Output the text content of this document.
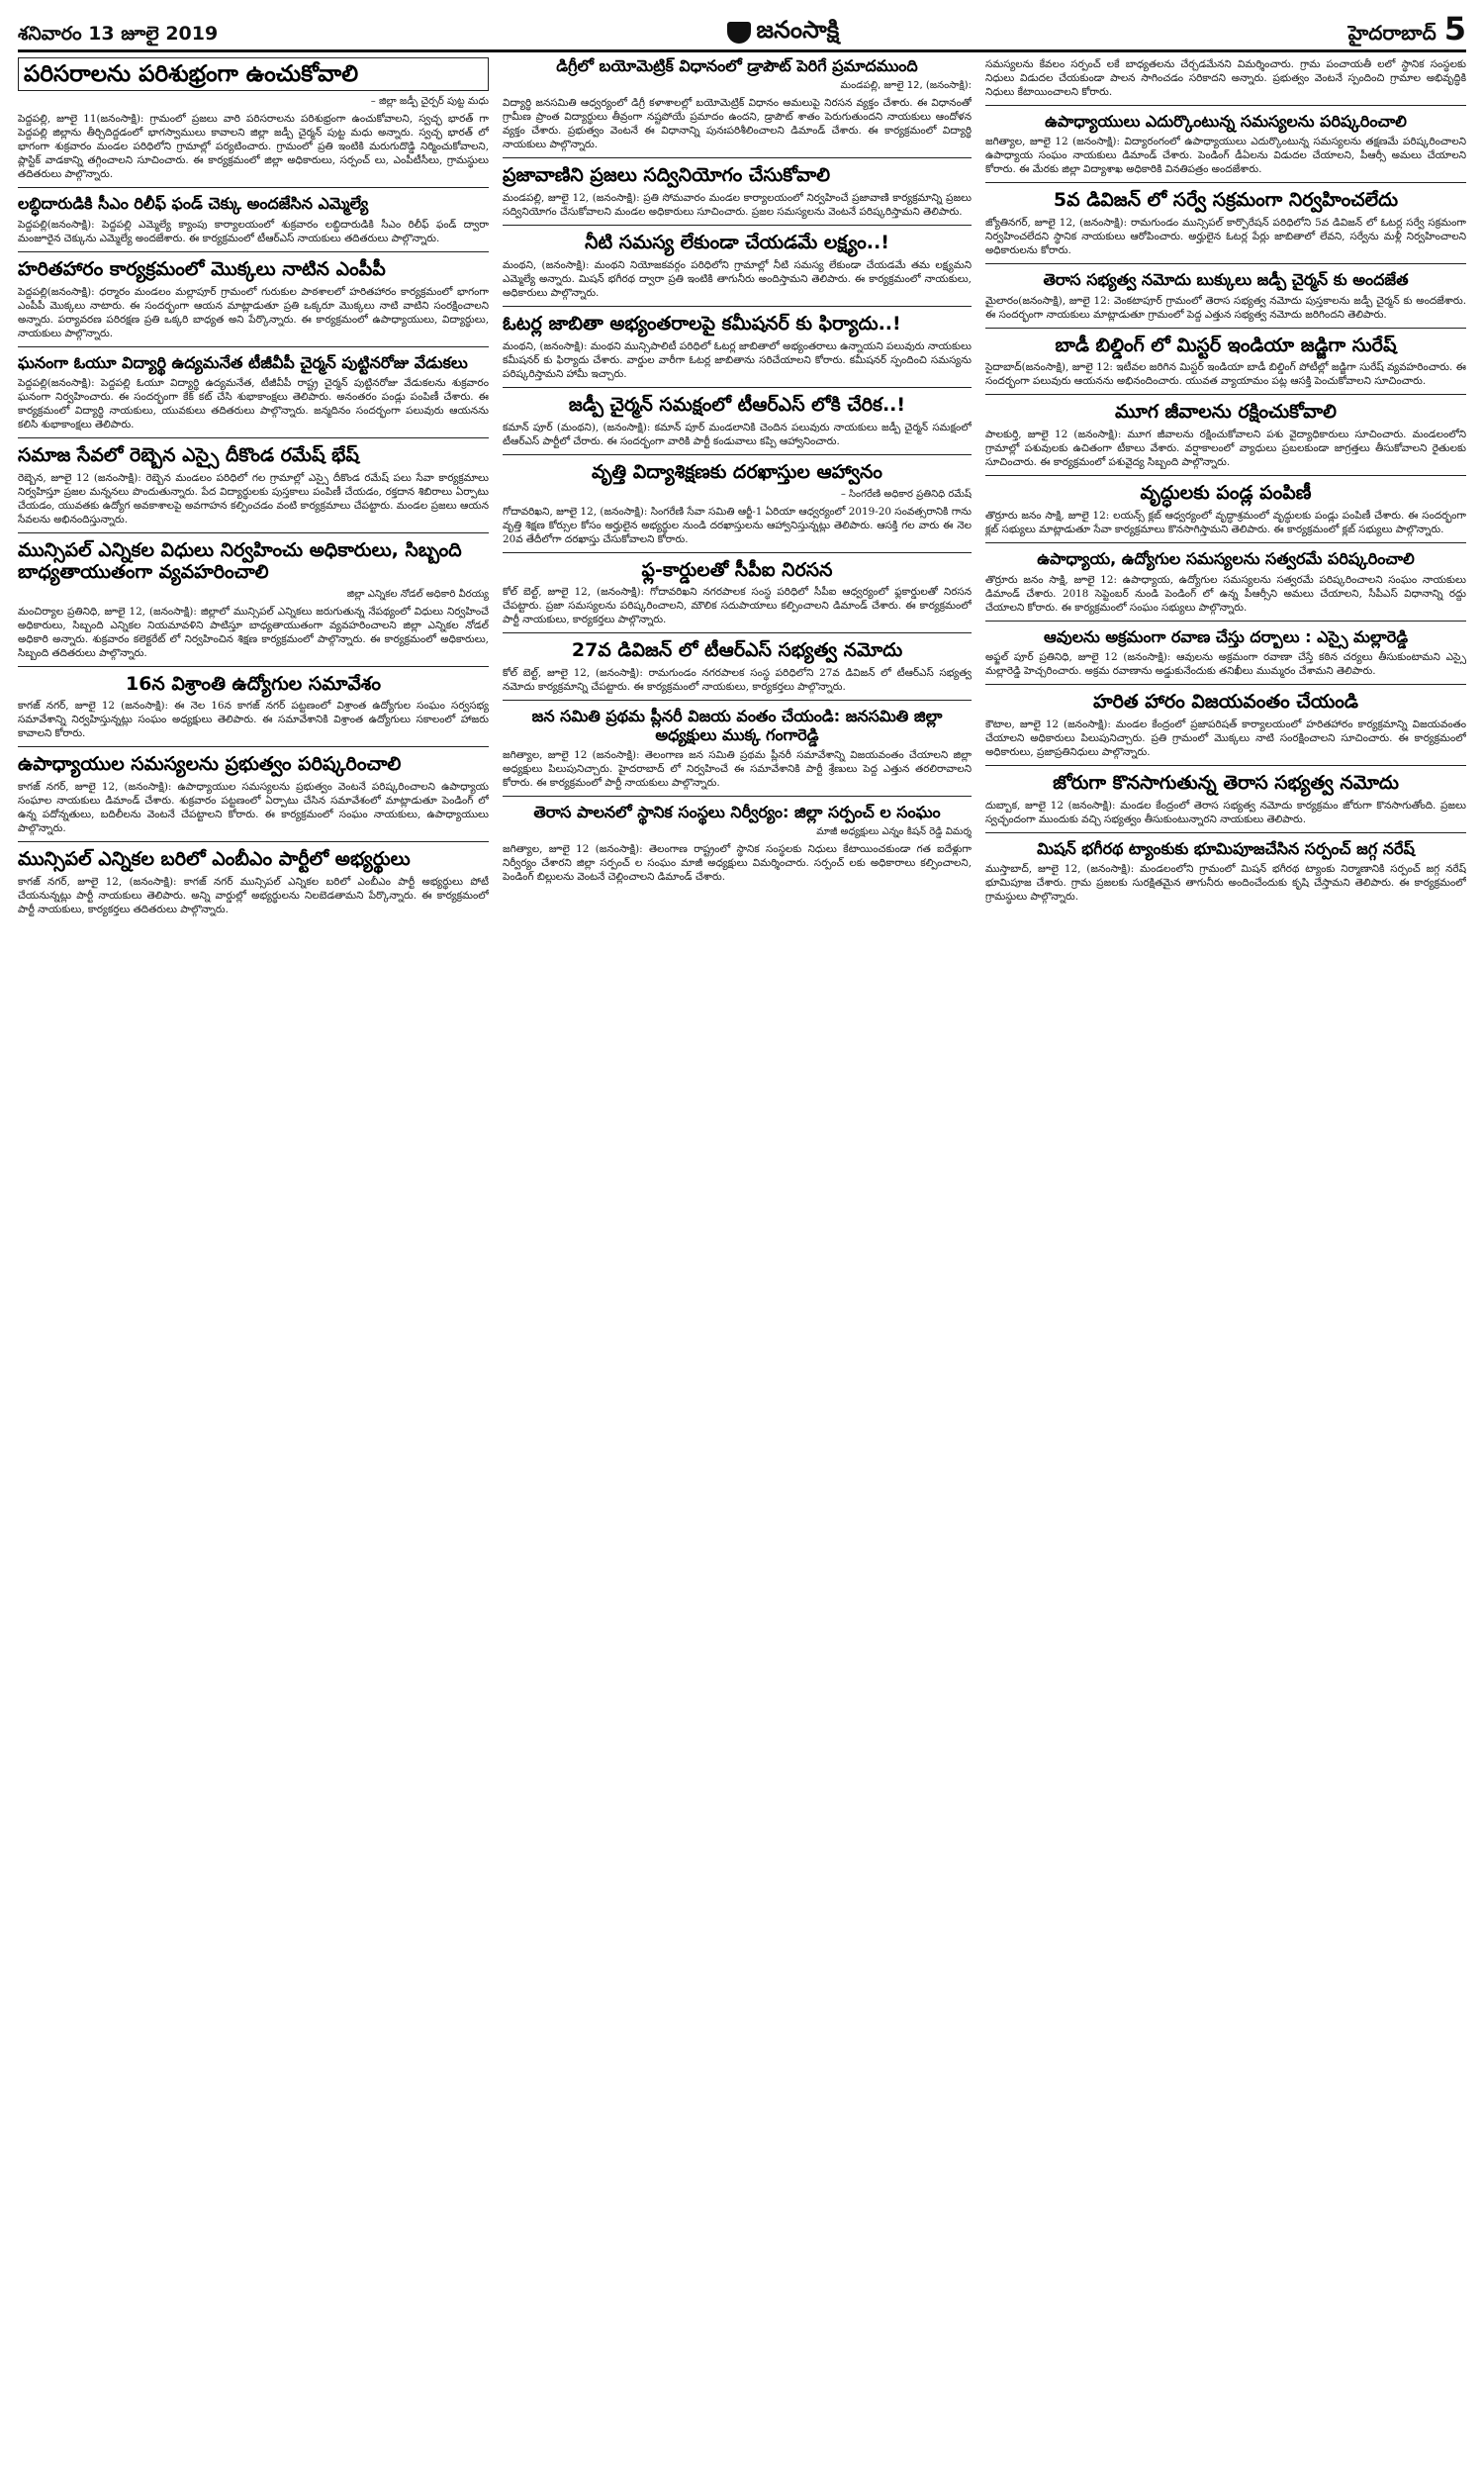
శనివారం 13 జూలై 2019	జనంసాక్షి	హైదరాబాద్ 5
పరిసరాలను పరిశుభ్రంగా ఉంచుకోవాలి

– జిల్లా జడ్పీ చైర్పర్ పుట్ట మధు

పెద్దపల్లి, జూలై 11(జనంసాక్షి): గ్రామంలో ప్రజలు వారి పరిసరాలను పరిశుభ్రంగా ఉంచుకోవాలని, స్వచ్ఛ భారత్ గా పెద్దపల్లి జిల్లాను తీర్చిదిద్దడంలో భాగస్వాములు కావాలని జిల్లా జడ్పీ చైర్మన్ పుట్ట మధు అన్నారు. స్వచ్ఛ భారత్ లో భాగంగా శుక్రవారం మండల పరిధిలోని గ్రామాల్లో పర్యటించారు. గ్రామంలో ప్రతి ఇంటికి మరుగుదొడ్డి నిర్మించుకోవాలని, ప్లాస్టిక్ వాడకాన్ని తగ్గించాలని సూచించారు. ఈ కార్యక్రమంలో జిల్లా అధికారులు, సర్పంచ్ లు, ఎంపీటీసీలు, గ్రామస్థులు తదితరులు పాల్గొన్నారు.

లబ్ధిదారుడికి సీఎం రిలీఫ్ ఫండ్ చెక్కు అందజేసిన ఎమ్మెల్యే

పెద్దపల్లి(జనంసాక్షి): పెద్దపల్లి ఎమ్మెల్యే క్యాంపు కార్యాలయంలో శుక్రవారం లబ్ధిదారుడికి సీఎం రిలీఫ్ ఫండ్ ద్వారా మంజూరైన చెక్కును ఎమ్మెల్యే అందజేశారు. ఈ కార్యక్రమంలో టీఆర్ఎస్ నాయకులు తదితరులు పాల్గొన్నారు.

హరితహారం కార్యక్రమంలో మొక్కలు నాటిన ఎంపీపీ

పెద్దపల్లి(జనంసాక్షి): ధర్మారం మండలం మల్లాపూర్ గ్రామంలో గురుకుల పాఠశాలలో హరితహారం కార్యక్రమంలో భాగంగా ఎంపీపీ మొక్కలు నాటారు. ఈ సందర్భంగా ఆయన మాట్లాడుతూ ప్రతి ఒక్కరూ మొక్కలు నాటి వాటిని సంరక్షించాలని అన్నారు. పర్యావరణ పరిరక్షణ ప్రతి ఒక్కరి బాధ్యత అని పేర్కొన్నారు. ఈ కార్యక్రమంలో ఉపాధ్యాయులు, విద్యార్థులు, నాయకులు పాల్గొన్నారు.

ఘనంగా ఓయూ విద్యార్థి ఉద్యమనేత టీజీవీపీ చైర్మన్ పుట్టినరోజు వేడుకలు

పెద్దపల్లి(జనంసాక్షి): పెద్దపల్లి ఓయూ విద్యార్థి ఉద్యమనేత, టీజీవీపీ రాష్ట్ర చైర్మన్ పుట్టినరోజు వేడుకలను శుక్రవారం ఘనంగా నిర్వహించారు. ఈ సందర్భంగా కేక్ కట్ చేసి శుభాకాంక్షలు తెలిపారు. అనంతరం పండ్లు పంపిణీ చేశారు. ఈ కార్యక్రమంలో విద్యార్థి నాయకులు, యువకులు తదితరులు పాల్గొన్నారు. జన్మదినం సందర్భంగా పలువురు ఆయనను కలిసి శుభాకాంక్షలు తెలిపారు.

సమాజ సేవలో రెబ్బెన ఎస్సై దీకొండ రమేష్ భేష్

రెబ్బెన, జూలై 12 (జనంసాక్షి): రెబ్బెన మండలం పరిధిలో గల గ్రామాల్లో ఎస్సై దీకొండ రమేష్ పలు సేవా కార్యక్రమాలు నిర్వహిస్తూ ప్రజల మన్ననలు పొందుతున్నారు. పేద విద్యార్థులకు పుస్తకాలు పంపిణీ చేయడం, రక్తదాన శిబిరాలు ఏర్పాటు చేయడం, యువతకు ఉద్యోగ అవకాశాలపై అవగాహన కల్పించడం వంటి కార్యక్రమాలు చేపట్టారు. మండల ప్రజలు ఆయన సేవలను అభినందిస్తున్నారు.

మున్సిపల్ ఎన్నికల విధులు నిర్వహించు అధికారులు, సిబ్బంది బాధ్యతాయుతంగా వ్యవహరించాలి

జిల్లా ఎన్నికల నోడల్ అధికారి వీరయ్య

మంచిర్యాల ప్రతినిధి, జూలై 12, (జనంసాక్షి): జిల్లాలో మున్సిపల్ ఎన్నికలు జరుగుతున్న నేపథ్యంలో విధులు నిర్వహించే అధికారులు, సిబ్బంది ఎన్నికల నియమావళిని పాటిస్తూ బాధ్యతాయుతంగా వ్యవహరించాలని జిల్లా ఎన్నికల నోడల్ అధికారి అన్నారు. శుక్రవారం కలెక్టరేట్ లో నిర్వహించిన శిక్షణ కార్యక్రమంలో పాల్గొన్నారు. ఈ కార్యక్రమంలో అధికారులు, సిబ్బంది తదితరులు పాల్గొన్నారు.

16న విశ్రాంతి ఉద్యోగుల సమావేశం

కాగజ్ నగర్, జూలై 12 (జనంసాక్షి): ఈ నెల 16న కాగజ్ నగర్ పట్టణంలో విశ్రాంత ఉద్యోగుల సంఘం సర్వసభ్య సమావేశాన్ని నిర్వహిస్తున్నట్లు సంఘం అధ్యక్షులు తెలిపారు. ఈ సమావేశానికి విశ్రాంత ఉద్యోగులు సకాలంలో హాజరు కావాలని కోరారు.

ఉపాధ్యాయుల సమస్యలను ప్రభుత్వం పరిష్కరించాలి

కాగజ్ నగర్, జూలై 12, (జనంసాక్షి): ఉపాధ్యాయుల సమస్యలను ప్రభుత్వం వెంటనే పరిష్కరించాలని ఉపాధ్యాయ సంఘాల నాయకులు డిమాండ్ చేశారు. శుక్రవారం పట్టణంలో ఏర్పాటు చేసిన సమావేశంలో మాట్లాడుతూ పెండింగ్ లో ఉన్న పదోన్నతులు, బదిలీలను వెంటనే చేపట్టాలని కోరారు. ఈ కార్యక్రమంలో సంఘం నాయకులు, ఉపాధ్యాయులు పాల్గొన్నారు.

మున్సిపల్ ఎన్నికల బరిలో ఎంబీఎం పార్టీలో అభ్యర్థులు

కాగజ్ నగర్, జూలై 12, (జనంసాక్షి): కాగజ్ నగర్ మున్సిపల్ ఎన్నికల బరిలో ఎంబీఎం పార్టీ అభ్యర్థులు పోటీ చేయనున్నట్లు పార్టీ నాయకులు తెలిపారు. అన్ని వార్డుల్లో అభ్యర్థులను నిలబెడతామని పేర్కొన్నారు. ఈ కార్యక్రమంలో పార్టీ నాయకులు, కార్యకర్తలు తదితరులు పాల్గొన్నారు.

డిగ్రీలో బయోమెట్రిక్ విధానంలో డ్రాపౌట్ పెరిగే ప్రమాదముంది

మండపల్లి, జూలై 12, (జనంసాక్షి):

విద్యార్థి జనసమితి ఆధ్వర్యంలో డిగ్రీ కళాశాలల్లో బయోమెట్రిక్ విధానం అమలుపై నిరసన వ్యక్తం చేశారు. ఈ విధానంతో గ్రామీణ ప్రాంత విద్యార్థులు తీవ్రంగా నష్టపోయే ప్రమాదం ఉందని, డ్రాపౌట్ శాతం పెరుగుతుందని నాయకులు ఆందోళన వ్యక్తం చేశారు. ప్రభుత్వం వెంటనే ఈ విధానాన్ని పునఃపరిశీలించాలని డిమాండ్ చేశారు. ఈ కార్యక్రమంలో విద్యార్థి నాయకులు పాల్గొన్నారు.

ప్రజావాణిని ప్రజలు సద్వినియోగం చేసుకోవాలి

మండపల్లి, జూలై 12, (జనంసాక్షి): ప్రతి సోమవారం మండల కార్యాలయంలో నిర్వహించే ప్రజావాణి కార్యక్రమాన్ని ప్రజలు సద్వినియోగం చేసుకోవాలని మండల అధికారులు సూచించారు. ప్రజల సమస్యలను వెంటనే పరిష్కరిస్తామని తెలిపారు.

నీటి సమస్య లేకుండా చేయడమే లక్ష్యం..!

మంథని, (జనంసాక్షి): మంథని నియోజకవర్గం పరిధిలోని గ్రామాల్లో నీటి సమస్య లేకుండా చేయడమే తమ లక్ష్యమని ఎమ్మెల్యే అన్నారు. మిషన్ భగీరథ ద్వారా ప్రతి ఇంటికి తాగునీరు అందిస్తామని తెలిపారు. ఈ కార్యక్రమంలో నాయకులు, అధికారులు పాల్గొన్నారు.

ఓటర్ల జాబితా అభ్యంతరాలపై కమీషనర్ కు ఫిర్యాదు..!

మంథని, (జనంసాక్షి): మంథని మున్సిపాలిటీ పరిధిలో ఓటర్ల జాబితాలో అభ్యంతరాలు ఉన్నాయని పలువురు నాయకులు కమీషనర్ కు ఫిర్యాదు చేశారు. వార్డుల వారీగా ఓటర్ల జాబితాను సరిచేయాలని కోరారు. కమీషనర్ స్పందించి సమస్యను పరిష్కరిస్తామని హామీ ఇచ్చారు.

జడ్పీ చైర్మన్ సమక్షంలో టీఆర్ఎస్ లోకి చేరిక..!

కమాన్ పూర్ (మంథని), (జనంసాక్షి): కమాన్ పూర్ మండలానికి చెందిన పలువురు నాయకులు జడ్పీ చైర్మన్ సమక్షంలో టీఆర్ఎస్ పార్టీలో చేరారు. ఈ సందర్భంగా వారికి పార్టీ కండువాలు కప్పి ఆహ్వానించారు.

వృత్తి విద్యాశిక్షణకు దరఖాస్తుల ఆహ్వానం

– సింగరేణి అధికార ప్రతినిధి రమేష్

గోదావరిఖని, జూలై 12, (జనంసాక్షి): సింగరేణి సేవా సమితి ఆర్జీ-1 ఏరియా ఆధ్వర్యంలో 2019-20 సంవత్సరానికి గాను వృత్తి శిక్షణ కోర్సుల కోసం అర్హులైన అభ్యర్థుల నుండి దరఖాస్తులను ఆహ్వానిస్తున్నట్లు తెలిపారు. ఆసక్తి గల వారు ఈ నెల 20వ తేదీలోగా దరఖాస్తు చేసుకోవాలని కోరారు.

ఫ్ల-కార్డులతో సీపీఐ నిరసన

కోల్ బెల్ట్, జూలై 12, (జనంసాక్షి): గోదావరిఖని నగరపాలక సంస్థ పరిధిలో సీపీఐ ఆధ్వర్యంలో ఫ్లకార్డులతో నిరసన చేపట్టారు. ప్రజా సమస్యలను పరిష్కరించాలని, మౌలిక సదుపాయాలు కల్పించాలని డిమాండ్ చేశారు. ఈ కార్యక్రమంలో పార్టీ నాయకులు, కార్యకర్తలు పాల్గొన్నారు.

27వ డివిజన్ లో టీఆర్ఎస్ సభ్యత్వ నమోదు

కోల్ బెల్ట్, జూలై 12, (జనంసాక్షి): రామగుండం నగరపాలక సంస్థ పరిధిలోని 27వ డివిజన్ లో టీఆర్ఎస్ సభ్యత్వ నమోదు కార్యక్రమాన్ని చేపట్టారు. ఈ కార్యక్రమంలో నాయకులు, కార్యకర్తలు పాల్గొన్నారు.

జన సమితి ప్రథమ ప్లీనరీ విజయ వంతం చేయండి: జనసమితి జిల్లా అధ్యక్షులు ముక్క గంగారెడ్డి

జగిత్యాల, జూలై 12 (జనంసాక్షి): తెలంగాణ జన సమితి ప్రథమ ప్లీనరీ సమావేశాన్ని విజయవంతం చేయాలని జిల్లా అధ్యక్షులు పిలుపునిచ్చారు. హైదరాబాద్ లో నిర్వహించే ఈ సమావేశానికి పార్టీ శ్రేణులు పెద్ద ఎత్తున తరలిరావాలని కోరారు. ఈ కార్యక్రమంలో పార్టీ నాయకులు పాల్గొన్నారు.

తెరాస పాలనలో స్థానిక సంస్థలు నిర్వీర్యం: జిల్లా సర్పంచ్ ల సంఘం

మాజీ అధ్యక్షులు ఎన్నం కిషన్ రెడ్డి విమర్శ

జగిత్యాల, జూలై 12 (జనంసాక్షి): తెలంగాణ రాష్ట్రంలో స్థానిక సంస్థలకు నిధులు కేటాయించకుండా గత ఐదేళ్లుగా నిర్వీర్యం చేశారని జిల్లా సర్పంచ్ ల సంఘం మాజీ అధ్యక్షులు విమర్శించారు. సర్పంచ్ లకు అధికారాలు కల్పించాలని, పెండింగ్ బిల్లులను వెంటనే చెల్లించాలని డిమాండ్ చేశారు.

సమస్యలను కేవలం సర్పంచ్ లకే బాధ్యతలను చేర్చడమేనని విమర్శించారు. గ్రామ పంచాయతీ లలో స్థానిక సంస్థలకు నిధులు విడుదల చేయకుండా పాలన సాగించడం సరికాదని అన్నారు. ప్రభుత్వం వెంటనే స్పందించి గ్రామాల అభివృద్ధికి నిధులు కేటాయించాలని కోరారు.

ఉపాధ్యాయులు ఎదుర్కొంటున్న సమస్యలను పరిష్కరించాలి

జగిత్యాల, జూలై 12 (జనంసాక్షి): విద్యారంగంలో ఉపాధ్యాయులు ఎదుర్కొంటున్న సమస్యలను తక్షణమే పరిష్కరించాలని ఉపాధ్యాయ సంఘం నాయకులు డిమాండ్ చేశారు. పెండింగ్ డీఏలను విడుదల చేయాలని, పీఆర్సీ అమలు చేయాలని కోరారు. ఈ మేరకు జిల్లా విద్యాశాఖ అధికారికి వినతిపత్రం అందజేశారు.

5వ డివిజన్ లో సర్వే సక్రమంగా నిర్వహించలేదు

జ్యోతినగర్, జూలై 12, (జనంసాక్షి): రామగుండం మున్సిపల్ కార్పొరేషన్ పరిధిలోని 5వ డివిజన్ లో ఓటర్ల సర్వే సక్రమంగా నిర్వహించలేదని స్థానిక నాయకులు ఆరోపించారు. అర్హులైన ఓటర్ల పేర్లు జాబితాలో లేవని, సర్వేను మళ్లీ నిర్వహించాలని అధికారులను కోరారు.

తెరాస సభ్యత్వ నమోదు బుక్కులు జడ్పీ చైర్మన్ కు అందజేత

మైలారం(జనంసాక్షి), జూలై 12: వెంకటాపూర్ గ్రామంలో తెరాస సభ్యత్వ నమోదు పుస్తకాలను జడ్పీ చైర్మన్ కు అందజేశారు. ఈ సందర్భంగా నాయకులు మాట్లాడుతూ గ్రామంలో పెద్ద ఎత్తున సభ్యత్వ నమోదు జరిగిందని తెలిపారు.

బాడీ బిల్డింగ్ లో మిస్టర్ ఇండియా జడ్జిగా సురేష్

సైదాబాద్(జనంసాక్షి), జూలై 12: ఇటీవల జరిగిన మిస్టర్ ఇండియా బాడీ బిల్డింగ్ పోటీల్లో జడ్జిగా సురేష్ వ్యవహరించారు. ఈ సందర్భంగా పలువురు ఆయనను అభినందించారు. యువత వ్యాయామం పట్ల ఆసక్తి పెంచుకోవాలని సూచించారు.

మూగ జీవాలను రక్షించుకోవాలి

పాలకుర్తి, జూలై 12 (జనంసాక్షి): మూగ జీవాలను రక్షించుకోవాలని పశు వైద్యాధికారులు సూచించారు. మండలంలోని గ్రామాల్లో పశువులకు ఉచితంగా టీకాలు వేశారు. వర్షాకాలంలో వ్యాధులు ప్రబలకుండా జాగ్రత్తలు తీసుకోవాలని రైతులకు సూచించారు. ఈ కార్యక్రమంలో పశువైద్య సిబ్బంది పాల్గొన్నారు.

వృద్ధులకు పండ్ల పంపిణీ

తొర్రూరు జనం సాక్షి, జూలై 12: లయన్స్ క్లబ్ ఆధ్వర్యంలో వృద్ధాశ్రమంలో వృద్ధులకు పండ్లు పంపిణీ చేశారు. ఈ సందర్భంగా క్లబ్ సభ్యులు మాట్లాడుతూ సేవా కార్యక్రమాలు కొనసాగిస్తామని తెలిపారు. ఈ కార్యక్రమంలో క్లబ్ సభ్యులు పాల్గొన్నారు.

ఉపాధ్యాయ, ఉద్యోగుల సమస్యలను సత్వరమే పరిష్కరించాలి

తొర్రూరు జనం సాక్షి, జూలై 12: ఉపాధ్యాయ, ఉద్యోగుల సమస్యలను సత్వరమే పరిష్కరించాలని సంఘం నాయకులు డిమాండ్ చేశారు. 2018 సెప్టెంబర్ నుండి పెండింగ్ లో ఉన్న పీఆర్సీని అమలు చేయాలని, సీపీఎస్ విధానాన్ని రద్దు చేయాలని కోరారు. ఈ కార్యక్రమంలో సంఘం సభ్యులు పాల్గొన్నారు.

ఆవులను అక్రమంగా రవాణ చేస్తు దర్బాలు : ఎస్సై మల్లారెడ్డి

అఫ్జల్ పూర్ ప్రతినిధి, జూలై 12 (జనంసాక్షి): ఆవులను అక్రమంగా రవాణా చేస్తే కఠిన చర్యలు తీసుకుంటామని ఎస్సై మల్లారెడ్డి హెచ్చరించారు. అక్రమ రవాణాను అడ్డుకునేందుకు తనిఖీలు ముమ్మరం చేశామని తెలిపారు.

హరిత హారం విజయవంతం చేయండి

కౌటాల, జూలై 12 (జనంసాక్షి): మండల కేంద్రంలో ప్రజాపరిషత్ కార్యాలయంలో హరితహారం కార్యక్రమాన్ని విజయవంతం చేయాలని అధికారులు పిలుపునిచ్చారు. ప్రతి గ్రామంలో మొక్కలు నాటి సంరక్షించాలని సూచించారు. ఈ కార్యక్రమంలో అధికారులు, ప్రజాప్రతినిధులు పాల్గొన్నారు.

జోరుగా కొనసాగుతున్న తెరాస సభ్యత్వ నమోదు

దుబ్బాక, జూలై 12 (జనంసాక్షి): మండల కేంద్రంలో తెరాస సభ్యత్వ నమోదు కార్యక్రమం జోరుగా కొనసాగుతోంది. ప్రజలు స్వచ్ఛందంగా ముందుకు వచ్చి సభ్యత్వం తీసుకుంటున్నారని నాయకులు తెలిపారు.

మిషన్ భగీరథ ట్యాంకుకు భూమిపూజచేసిన సర్పంచ్ జగ్గ నరేష్

ముస్తాబాద్, జూలై 12, (జనంసాక్షి): మండలంలోని గ్రామంలో మిషన్ భగీరథ ట్యాంకు నిర్మాణానికి సర్పంచ్ జగ్గ నరేష్ భూమిపూజ చేశారు. గ్రామ ప్రజలకు సురక్షితమైన తాగునీరు అందించేందుకు కృషి చేస్తామని తెలిపారు. ఈ కార్యక్రమంలో గ్రామస్థులు పాల్గొన్నారు.
